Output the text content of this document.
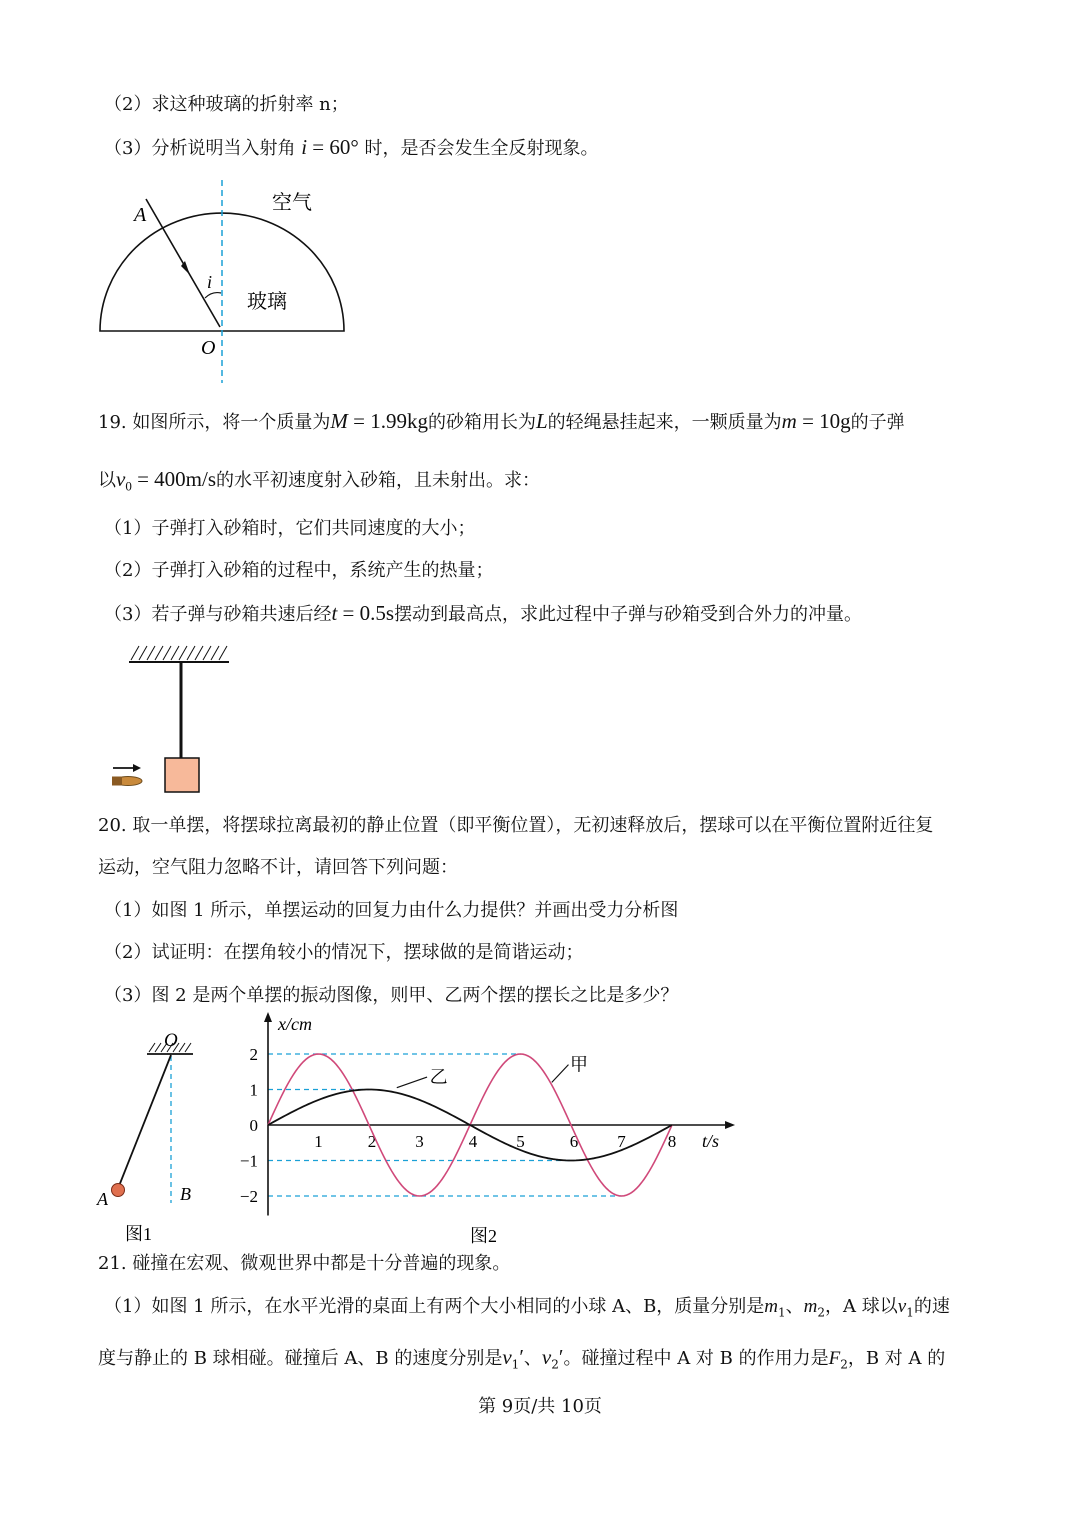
（2）求这种玻璃的折射率 n；
（3）分析说明当入射角 i = 60° 时，是否会发生全反射现象。
A
i
O
空气
玻璃
19. 如图所示，将一个质量为M = 1.99kg的砂箱用长为L的轻绳悬挂起来，一颗质量为m = 10g的子弹
以$v_0 = 400m/s$的水平初速度射入砂箱，且未射出。求：
（1）子弹打入砂箱时，它们共同速度的大小；
（2）子弹打入砂箱的过程中，系统产生的热量；
（3）若子弹与砂箱共速后经t = 0.5s摆动到最高点，求此过程中子弹与砂箱受到合外力的冲量。
20. 取一单摆，将摆球拉离最初的静止位置（即平衡位置），无初速释放后，摆球可以在平衡位置附近往复
运动，空气阻力忽略不计，请回答下列问题：
（1）如图 1 所示，单摆运动的回复力由什么力提供？并画出受力分析图
（2）试证明：在摆角较小的情况下，摆球做的是简谐运动；
（3）图 2 是两个单摆的振动图像，则甲、乙两个摆的摆长之比是多少？
O
A	B
图1
x/cm
t/s
2
1
0
−1
−2
1	2 3	4 5	6 7 8
乙
甲
图2
21. 碰撞在宏观、微观世界中都是十分普遍的现象。
（1）如图 1 所示，在水平光滑的桌面上有两个大小相同的小球 A、B，质量分别是$m_1$、$m_2$，A 球以$v_1$的速
度与静止的 B 球相碰。碰撞后 A、B 的速度分别是$v_1'$、$v_2'$。碰撞过程中 A 对 B 的作用力是$F_2$，B 对 A 的
第 9页/共 10页
